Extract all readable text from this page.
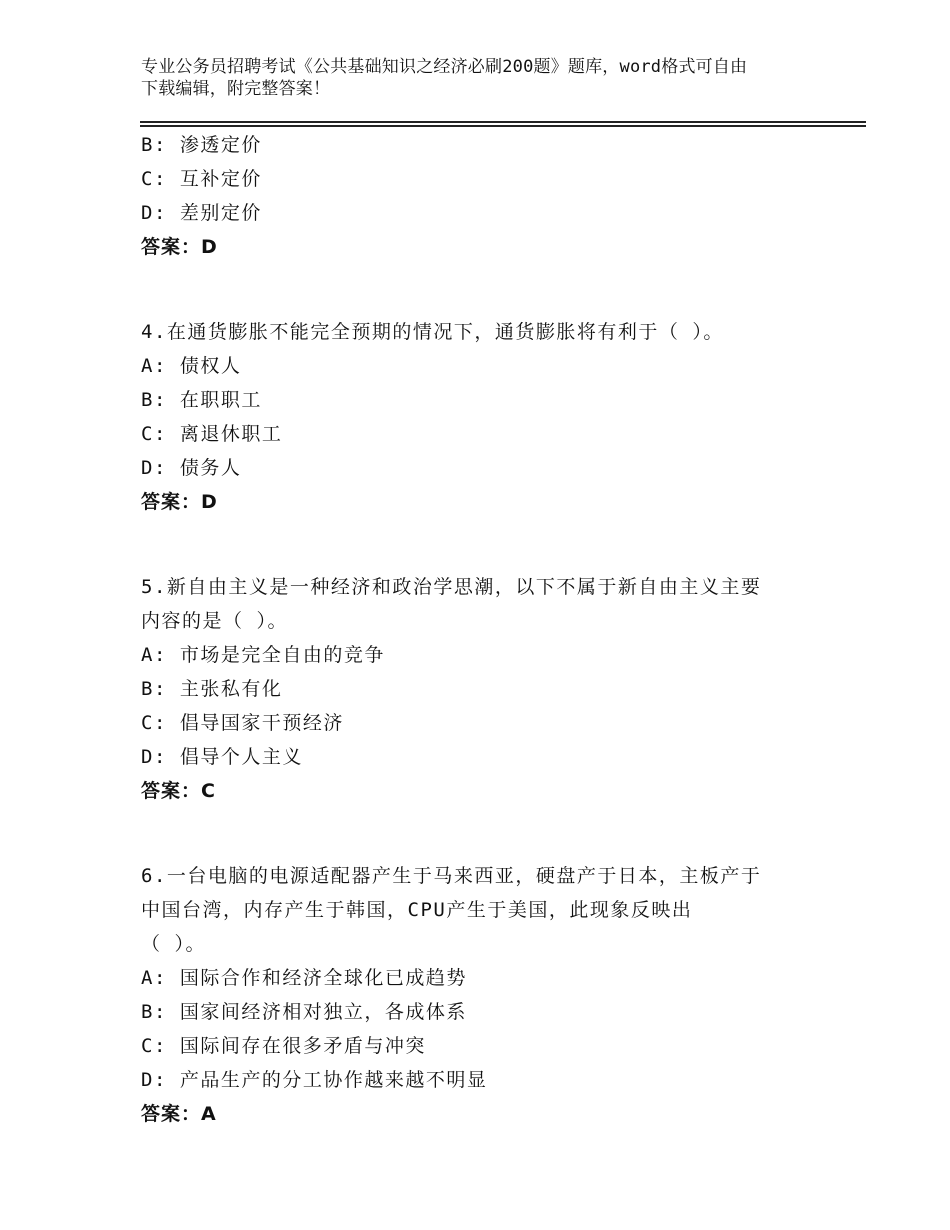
专业公务员招聘考试《公共基础知识之经济必刷200题》题库，word格式可自由
下载编辑，附完整答案！
B: 渗透定价
C: 互补定价
D: 差别定价
答案：D
4.在通货膨胀不能完全预期的情况下，通货膨胀将有利于（ ）。
A: 债权人
B: 在职职工
C: 离退休职工
D: 债务人
答案：D
5.新自由主义是一种经济和政治学思潮，以下不属于新自由主义主要
内容的是（ ）。
A: 市场是完全自由的竞争
B: 主张私有化
C: 倡导国家干预经济
D: 倡导个人主义
答案：C
6.一台电脑的电源适配器产生于马来西亚，硬盘产于日本，主板产于
中国台湾，内存产生于韩国，CPU产生于美国，此现象反映出
（ ）。
A: 国际合作和经济全球化已成趋势
B: 国家间经济相对独立，各成体系
C: 国际间存在很多矛盾与冲突
D: 产品生产的分工协作越来越不明显
答案：A
